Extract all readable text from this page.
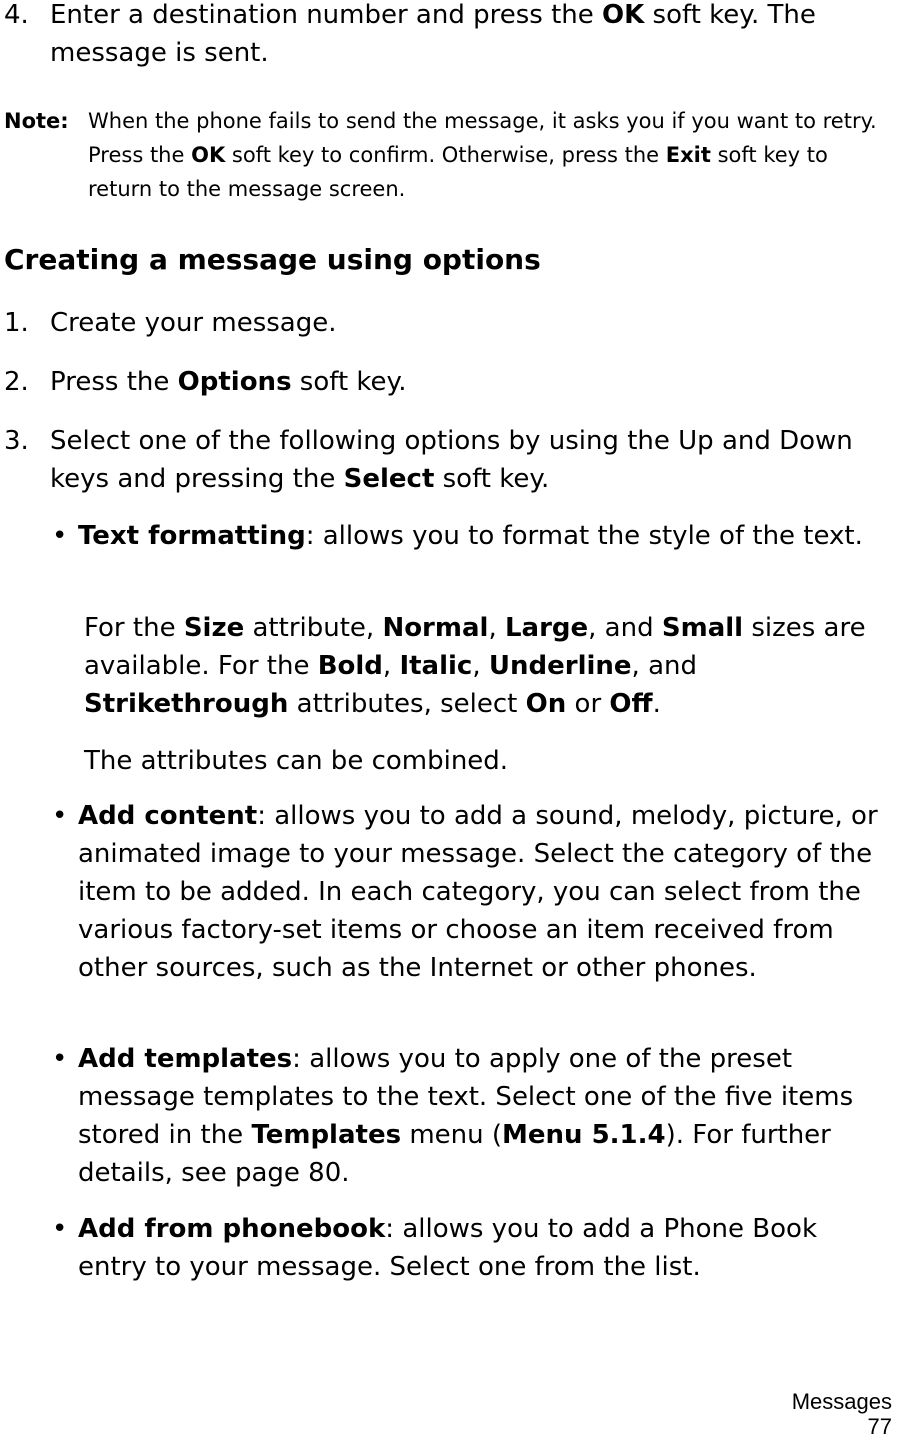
4. Enter a destination number and press the OK soft key. The message is sent.
Note: When the phone fails to send the message, it asks you if you want to retry. Press the OK soft key to confirm. Otherwise, press the Exit soft key to return to the message screen.
Creating a message using options
1. Create your message.
2. Press the Options soft key.
3. Select one of the following options by using the Up and Down keys and pressing the Select soft key.
• Text formatting: allows you to format the style of the text.
For the Size attribute, Normal, Large, and Small sizes are available. For the Bold, Italic, Underline, and Strikethrough attributes, select On or Off.
The attributes can be combined.
• Add content: allows you to add a sound, melody, picture, or animated image to your message. Select the category of the item to be added. In each category, you can select from the various factory-set items or choose an item received from other sources, such as the Internet or other phones.
• Add templates: allows you to apply one of the preset message templates to the text. Select one of the five items stored in the Templates menu (Menu 5.1.4). For further details, see page 80.
• Add from phonebook: allows you to add a Phone Book entry to your message. Select one from the list.
Messages
77
